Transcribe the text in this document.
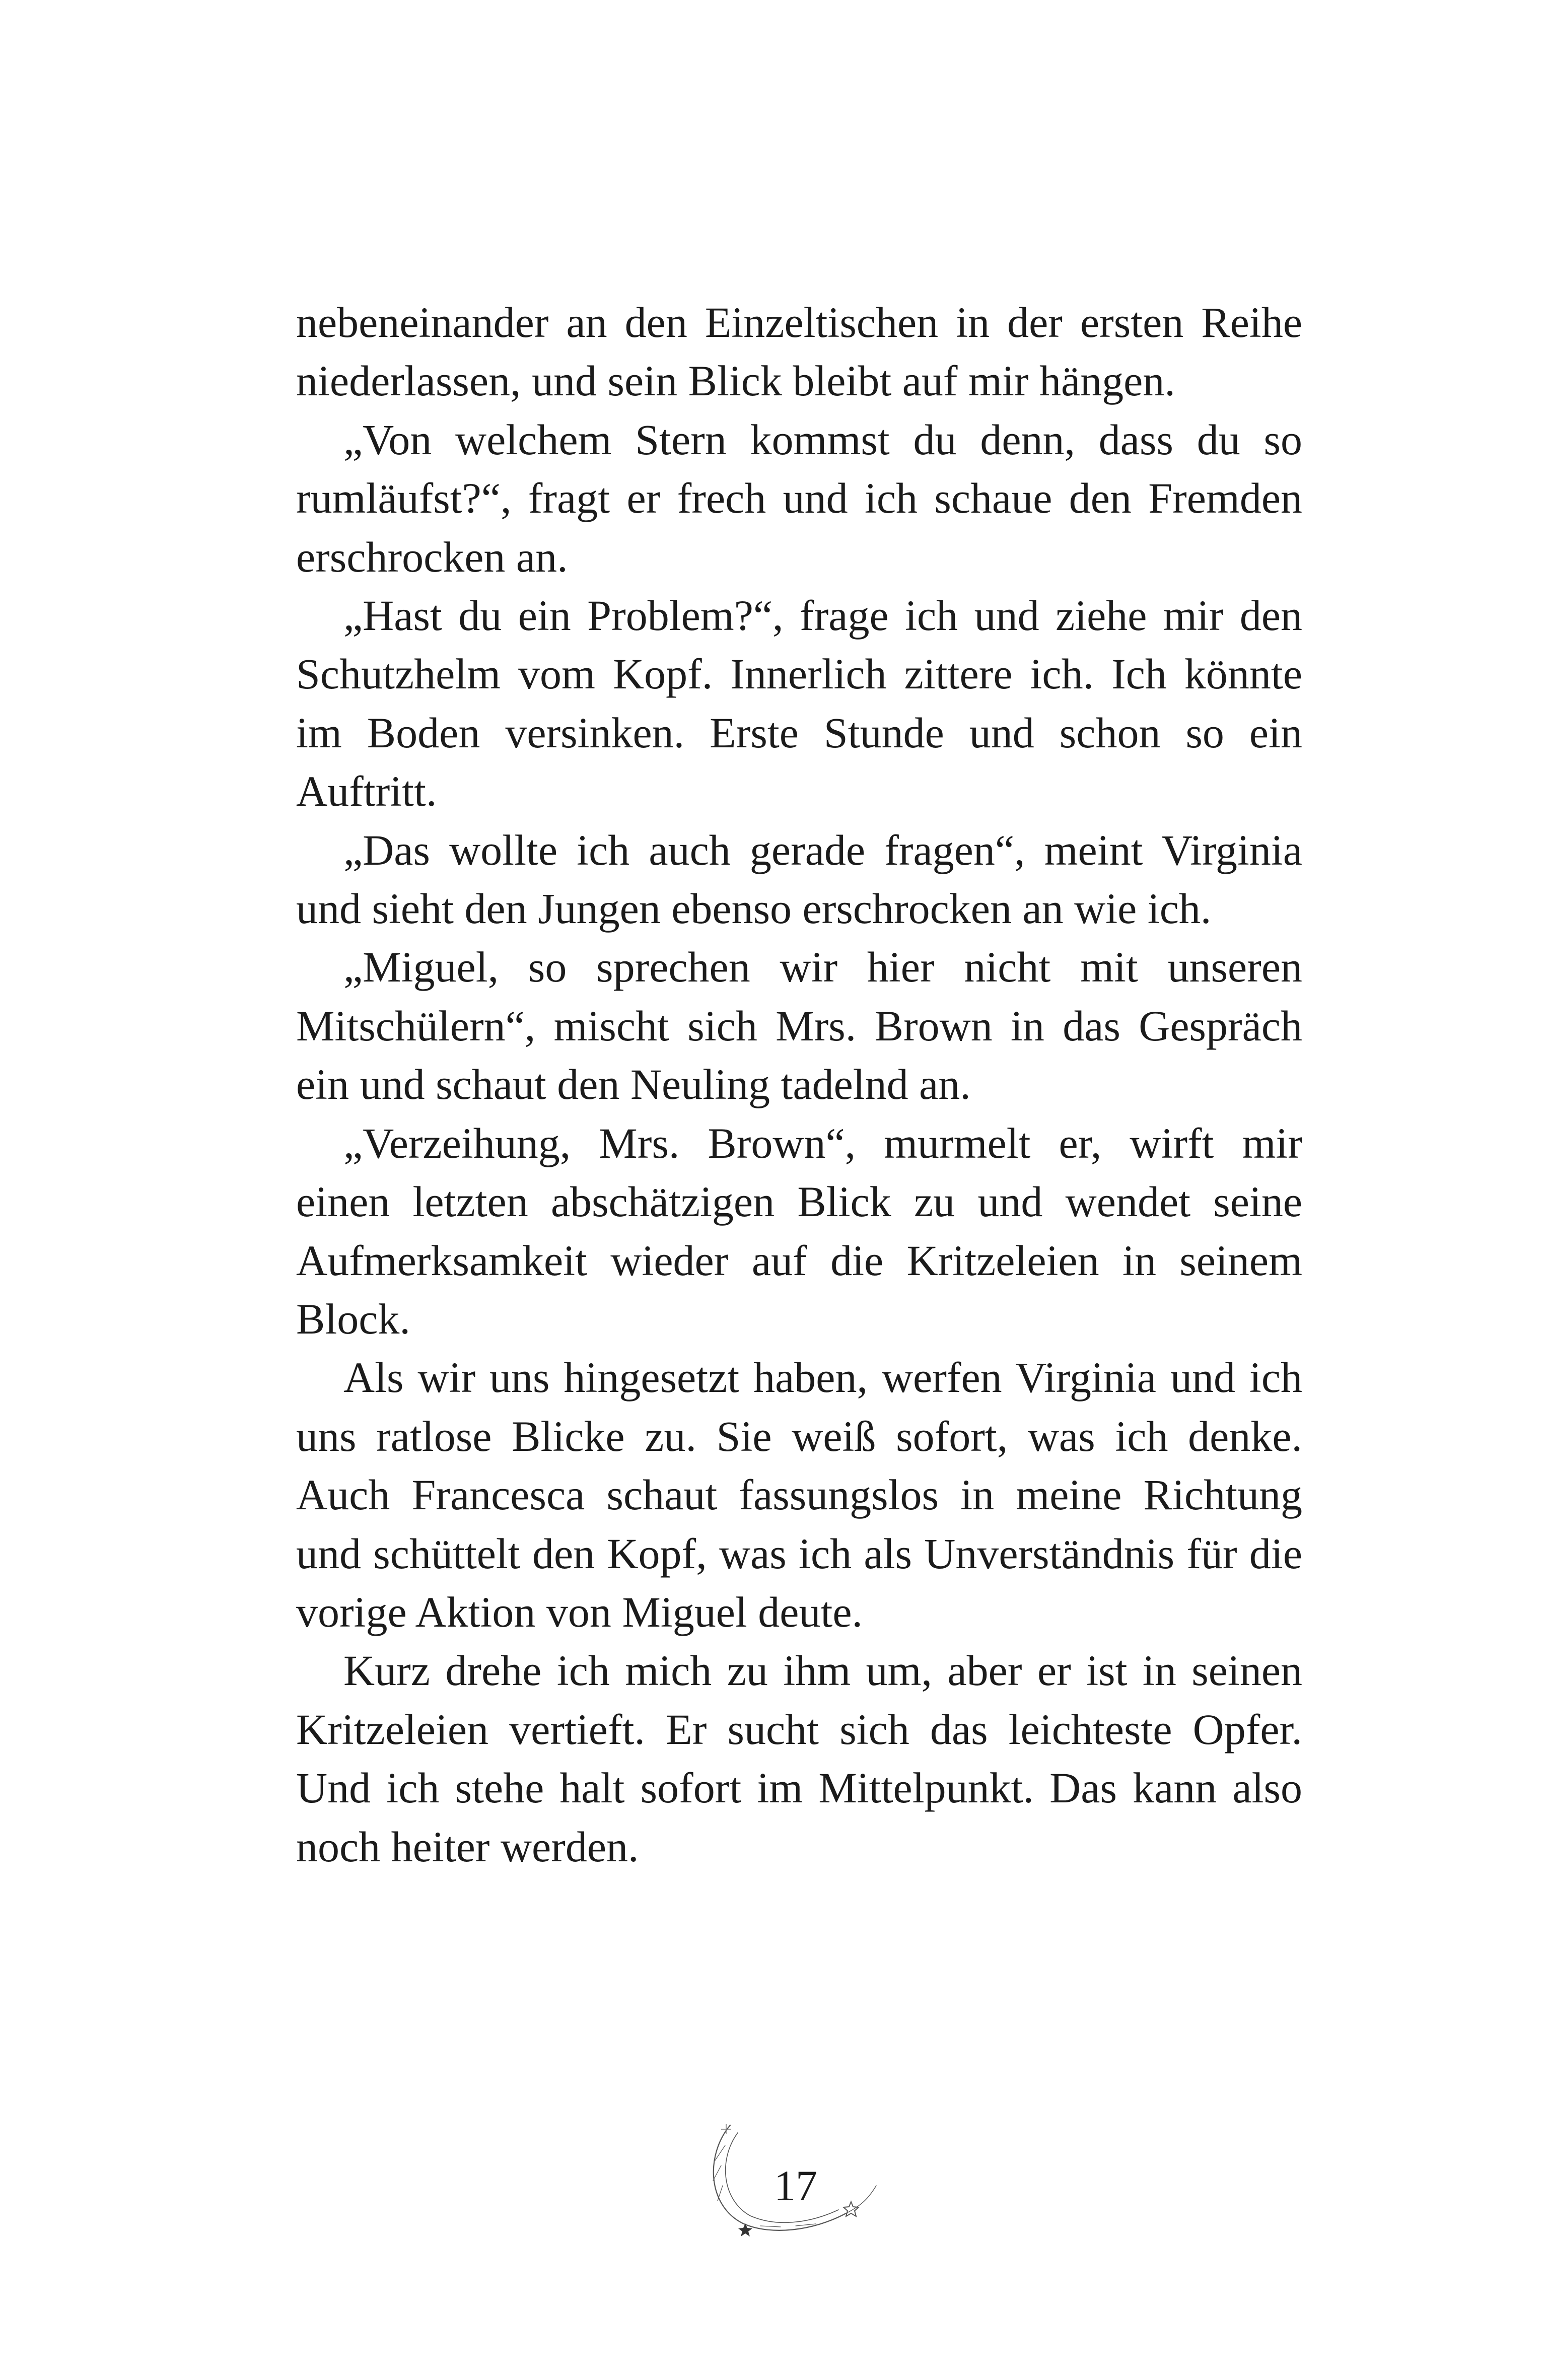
nebeneinander an den Einzeltischen in der ersten Reihe niederlassen, und sein Blick bleibt auf mir hängen.

„Von welchem Stern kommst du denn, dass du so rumläufst?“, fragt er frech und ich schaue den Fremden erschrocken an.

„Hast du ein Problem?“, frage ich und ziehe mir den Schutzhelm vom Kopf. Innerlich zittere ich. Ich könnte im Boden versinken. Erste Stunde und schon so ein Auftritt.

„Das wollte ich auch gerade fragen“, meint Virginia und sieht den Jungen ebenso erschrocken an wie ich.

„Miguel, so sprechen wir hier nicht mit unseren Mitschülern“, mischt sich Mrs. Brown in das Gespräch ein und schaut den Neuling tadelnd an.

„Verzeihung, Mrs. Brown“, murmelt er, wirft mir einen letzten abschätzigen Blick zu und wendet seine Aufmerksamkeit wieder auf die Kritzeleien in seinem Block.

Als wir uns hingesetzt haben, werfen Virginia und ich uns ratlose Blicke zu. Sie weiß sofort, was ich denke. Auch Francesca schaut fassungslos in meine Richtung und schüttelt den Kopf, was ich als Unverständnis für die vorige Aktion von Miguel deute.

Kurz drehe ich mich zu ihm um, aber er ist in seinen Kritzeleien vertieft. Er sucht sich das leichteste Opfer. Und ich stehe halt sofort im Mittelpunkt. Das kann also noch heiter werden.

17
